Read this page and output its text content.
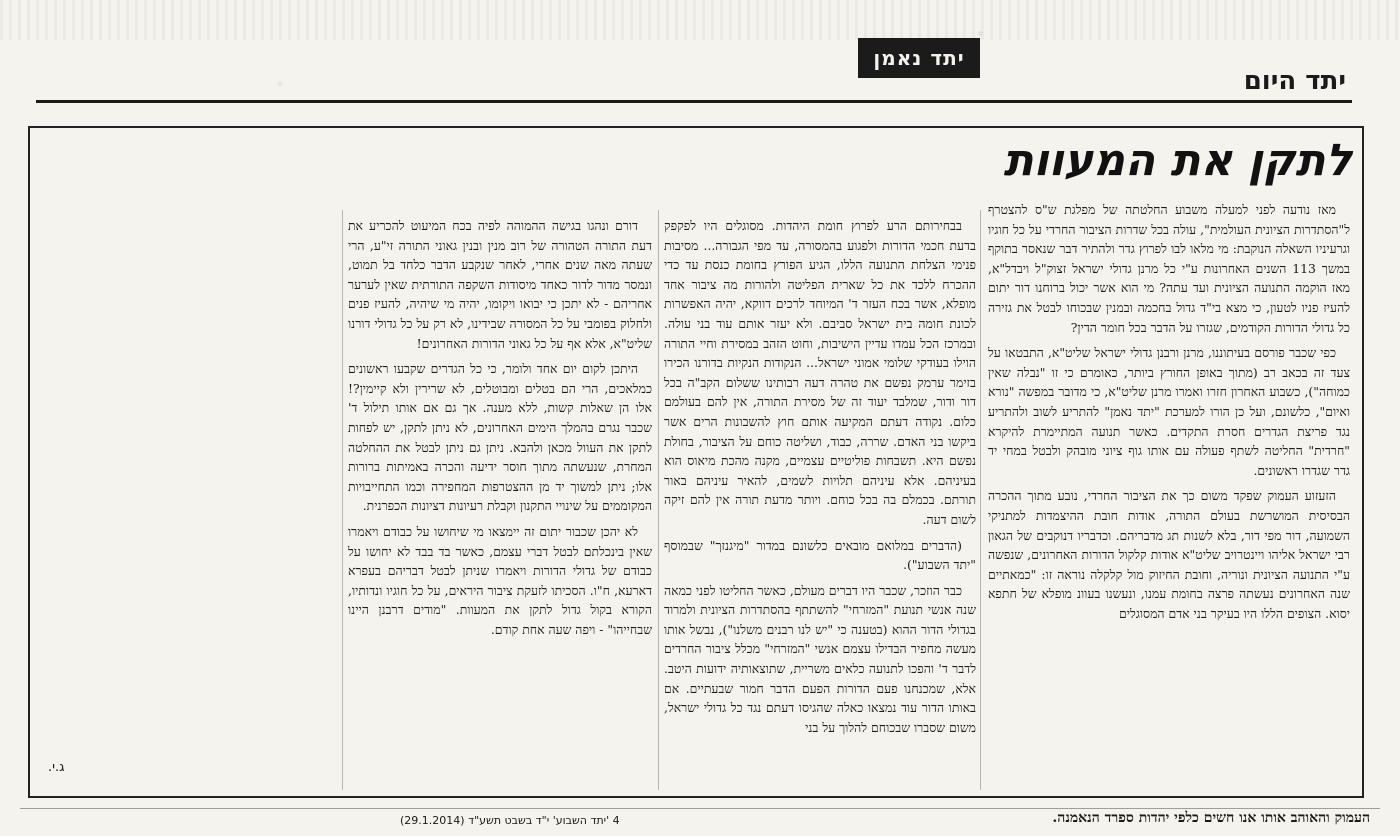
יתד נאמן
יתד היום
לתקן את המעוות

מאז נודעה לפני למעלה משבוע החלטתה של מפלגת ש"ס להצטרף ל"הסתדרות הציונית העולמית", עולה בכל שדרות הציבור החרדי על כל חוגיו וגרעיניו השאלה הנוקבת: מי מלאו לבו לפרוץ גדר ולהתיר דבר שנאסר בתוקף במשך 113 השנים האחרונות ע"י כל מרנן גדולי ישראל זצוק"ל ויבדל"א, מאז הוקמה התנועה הציונית ועד עתה? מי הוא אשר יכול ברוחנו דור יתום להעיז פניו לטעון, כי מצא בי"ד גדול בחכמה ובמנין שבכוחו לבטל את גזירה כל גדולי הדורות הקודמים, שגזרו על הדבר בכל חומר הדין?

כפי שכבר פורסם בעיתוננו, מרנן ורבנן גדולי ישראל שליט"א, התבטאו על צעד זה בכאב רב (מתוך באופן החורץ ביותר, כאומרם כי זו "נבלה שאין כמוחה"), כשבוע האחרון חזרו ואמרו מרנן שליט"א, כי מדובר במפשה "נורא ואיום", כלשונם, ועל כן הורו למערכת "יתד נאמן" להתריע לשוב ולהתריע נגד פריצת הגדרים חסרת התקדים. כאשר תנועה המתיימרת להיקרא "חרדית" החליטה לשתף פעולה עם אותו גוף ציוני מובהק ולבטל במחי יד גדר שגדרו ראשונים.

הזעזוע העמוק שפקד משום כך את הציבור החרדי, נובע מתוך ההכרה הבסיסית המושרשת בעולם התורה, אודות חובת ההיצמדות למתניקי השמועה, דור מפי דור, בלא לשנות תג מדבריהם. וכדבריו דנוקבים של הגאון רבי ישראל אליהו ויינטרויב שליט"א אודות קלקול הדורות האחרונים, שנפשה ע"י התנועה הציונית ונוריה, וחובת החיזוק מול קלקלה נוראה זו: "כמאתיים שנה האחרונים נעשתה פרצה בחומת עמנו, ונעשנו בעוונ מופלא של חתפא יסוא. הצופים הללו היו בעיקר בני אדם המסוגלים

בבחירותם הרע לפרוץ חומת היהדות. מסוגלים היו לפקפק בדעת חכמי הדורות ולפגוע בהמסורה, עד מפי הגבורה... מסיבות פנימי הצלחת התנועה הללו, הגיע הפורץ בחומת כנסת עד כדי ההכרח ללכד את כל שארית הפליטה ולהורות מה ציבור אחד מופלא, אשר בכח העזר ד' המיוחד לרכים דווקא, יהיה האפשרות לכונת חומה בית ישראל סביבם. ולא יעזר אותם עוד בני עולה. ובמרכז הכל עמדו עדיין הישיבות, וחוט הזהב במסירת וחיי התורה הוילו בעודקי שלומי אמוני ישראל... הנקודות הנקיות בדורנו הכירו בזימר ערמק נפשם את טהרה דעה רבותינו ששלום הקב"ה בכל דור ודור, שמלבד יעוד זה של מסירת התורה, אין להם בעולמם כלום. נקודה דעתם המקיעה אותם חוץ להשבונות הרים אשר ביקשו בני האדם. שררה, כבוד, ושליטה כוחם על הציבור, בחולת נפשם היא. תשבחות פוליטיים עצמיים, מקנה מהכת מיאוס הוא בעיניהם. אלא עיניהם תלויות לשמים, להאיר עיניהם באור תורתם. בכמלם בה בכל כוחם. ויותר מדעת תורה אין להם זיקה לשום דעה.

(הדברים במלואם מובאים כלשונם במדור "מיגנזך" שבמוסף "יתד השבוע").

כבר הוזכר, שכבר היו דברים מעולם, כאשר החליטו לפני כמאה שנה אנשי תנועת "המזרחי" להשתתף בהסתדרות הציונית ולמרוד בגדולי הדור ההוא (בטענה כי "יש לנו רבנים משלנו"), נבשל אותו מעשה מחפיר הבדילו עצמם אנשי "המזרחי" מכלל ציבור החרדים לדבר ד' והפכו לתנועה כלאים משריית, שתוצאותיה ידועות היטב. אלא, שמכנחנו פעם הדורות הפעם הדבר חמור שבעתיים. אם באותו הדור עוד נמצאו כאלה שהגיסו דעתם נגד כל גדולי ישראל, משום שסברו שבכוחם להלוך על בני

דורם ונהגו בגישה ההמוהה לפיה בכח המיעוט להכריע את דעת התורה הטהורה של רוב מנין ובנין גאוני התורה זי"ע, הרי שעתה מאה שנים אחרי, לאחר שנקבע הדבר כלחד בל תמוט, ונמסר מדור לדור כאחד מיסודות השקפה התורתית שאין לערער אחריהם - לא יתכן כי יבואו ויקומו, יהיה מי שיהיה, להעיז פנים ולחלוק בפומבי על כל המסורה שבידינו, לא רק על כל גדולי דורנו שליט"א, אלא אף על כל גאוני הדורות האחרונים!

היתכן לקום יום אחד ולומר, כי כל הגדרים שקבעו ראשונים כמלאכים, הרי הם בטלים ומבוטלים, לא שרירין ולא קיימין?! אלו הן שאלות קשות, ללא מענה. אך גם אם אותו תילול ד' שכבר נגרם בהמלך הימים האחרונים, לא ניתן לתקן, יש לפחות לתקן את העוול מכאן ולהבא. ניתן גם ניתן לבטל את ההחלטה המחרת, שנעשתה מתוך חוסר ידיעה והכרה באמיתות ברורות אלו; ניתן למשוך יד מן ההצטרפות המחפירה וכמו התחייבויות המקוממים על שינויי התקנון וקבלת רעיונות דציונות הכפרנית.

לא יהכן שכבור יתום זה יימצאו מי שיחושו על כבודם ויאמרו שאין בינכלתם לבטל דברי עצמם, כאשר בד בבד לא יחושו על כבודם של גדולי הדורות ויאמרו שניתן לבטל דבריהם בעפרא דארעא, ח"ו. הסכיתו לזעקת ציבור היראים, על כל חוגיו ונדותיו, הקורא בקול גדול לתקן את המעוות. "מודים דרבנן היינו שבחייהו" - ויפה שעה אחת קודם.

.ג.י
4 'יתד השבוע' י"ד בשבט תשע"ד (29.1.2014)	העמוק והאוהב אותו אנו חשים כלפי יהדות ספרד הנאמנה.
